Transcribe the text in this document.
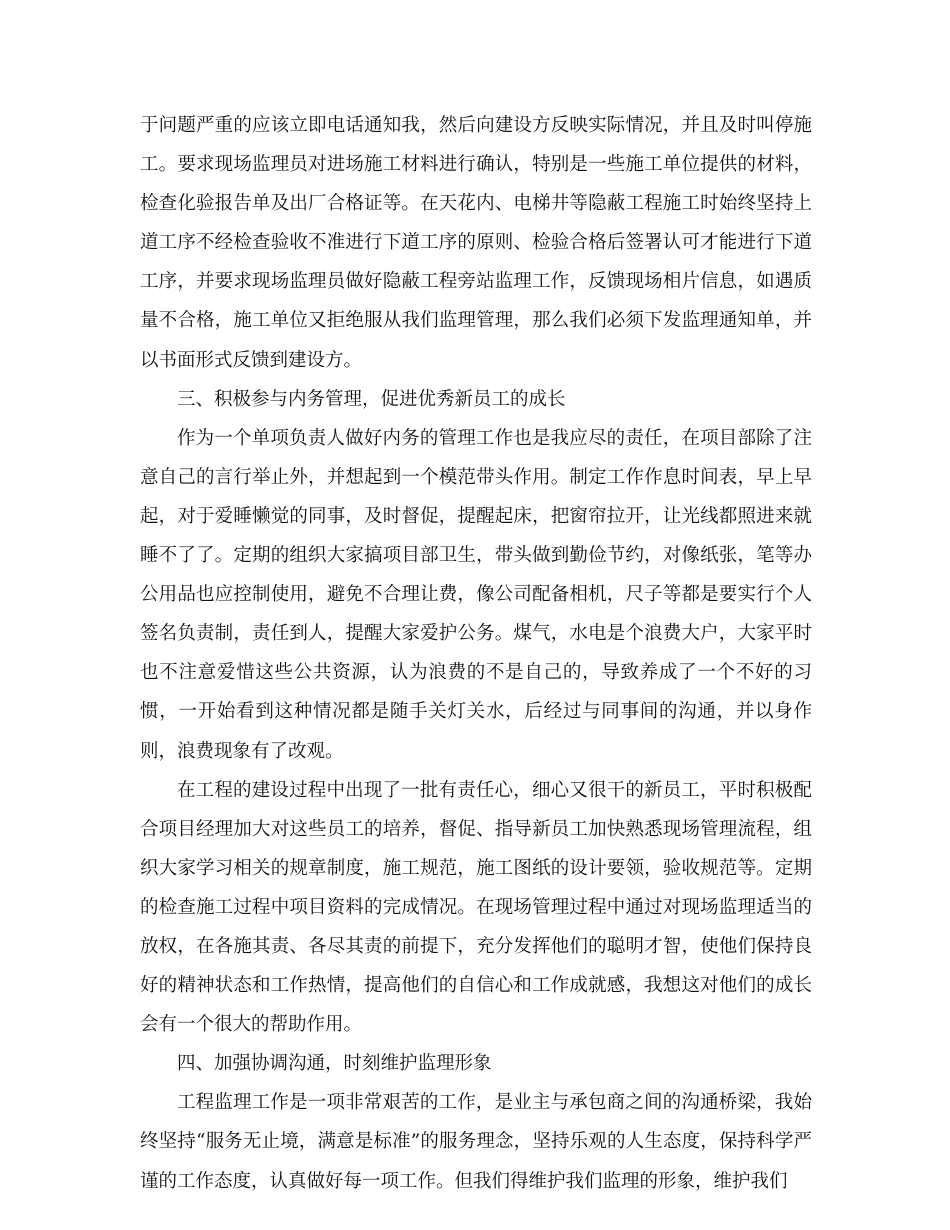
于问题严重的应该立即电话通知我，然后向建设方反映实际情况，并且及时叫停施工。要求现场监理员对进场施工材料进行确认，特别是一些施工单位提供的材料，检查化验报告单及出厂合格证等。在天花内、电梯井等隐蔽工程施工时始终坚持上道工序不经检查验收不准进行下道工序的原则、检验合格后签署认可才能进行下道工序，并要求现场监理员做好隐蔽工程旁站监理工作，反馈现场相片信息，如遇质量不合格，施工单位又拒绝服从我们监理管理，那么我们必须下发监理通知单，并以书面形式反馈到建设方。

三、积极参与内务管理，促进优秀新员工的成长

作为一个单项负责人做好内务的管理工作也是我应尽的责任，在项目部除了注意自己的言行举止外，并想起到一个模范带头作用。制定工作作息时间表，早上早起，对于爱睡懒觉的同事，及时督促，提醒起床，把窗帘拉开，让光线都照进来就睡不了了。定期的组织大家搞项目部卫生，带头做到勤俭节约，对像纸张，笔等办公用品也应控制使用，避免不合理让费，像公司配备相机，尺子等都是要实行个人签名负责制，责任到人，提醒大家爱护公务。煤气，水电是个浪费大户，大家平时也不注意爱惜这些公共资源，认为浪费的不是自己的，导致养成了一个不好的习惯，一开始看到这种情况都是随手关灯关水，后经过与同事间的沟通，并以身作则，浪费现象有了改观。

在工程的建设过程中出现了一批有责任心，细心又很干的新员工，平时积极配合项目经理加大对这些员工的培养，督促、指导新员工加快熟悉现场管理流程，组织大家学习相关的规章制度，施工规范，施工图纸的设计要领，验收规范等。定期的检查施工过程中项目资料的完成情况。在现场管理过程中通过对现场监理适当的放权，在各施其责、各尽其责的前提下，充分发挥他们的聪明才智，使他们保持良好的精神状态和工作热情，提高他们的自信心和工作成就感，我想这对他们的成长会有一个很大的帮助作用。

四、加强协调沟通，时刻维护监理形象

工程监理工作是一项非常艰苦的工作，是业主与承包商之间的沟通桥梁，我始终坚持“服务无止境，满意是标准”的服务理念，坚持乐观的人生态度，保持科学严谨的工作态度，认真做好每一项工作。但我们得维护我们监理的形象，维护我们
